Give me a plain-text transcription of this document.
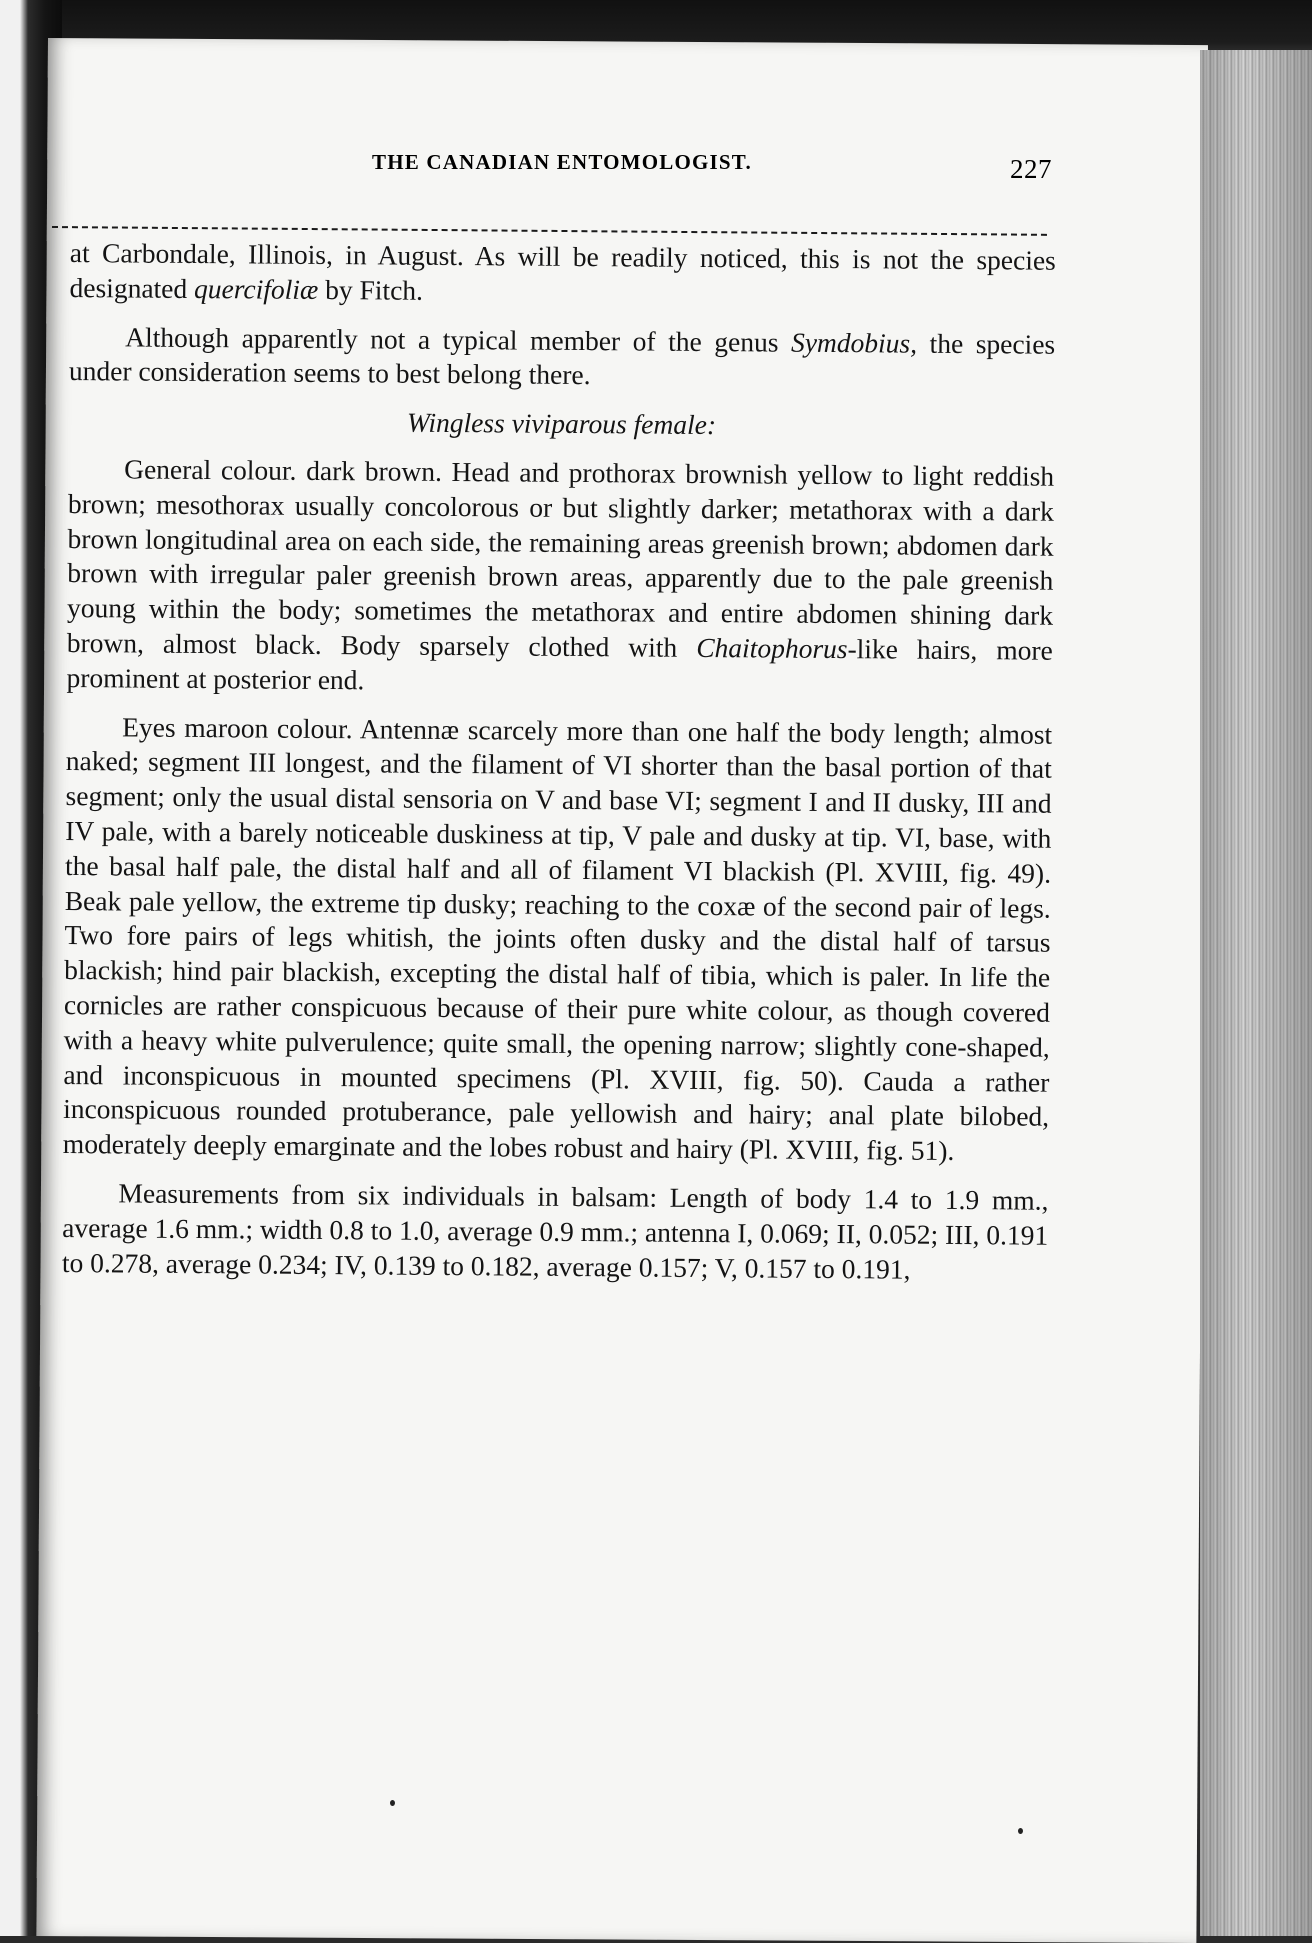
THE CANADIAN ENTOMOLOGIST.	227

at Carbondale, Illinois, in August. As will be readily noticed, this is not the species designated quercifoliæ by Fitch.

Although apparently not a typical member of the genus Symdobius, the species under consideration seems to best belong there.

Wingless viviparous female:

General colour. dark brown. Head and prothorax brownish yellow to light reddish brown; mesothorax usually concolorous or but slightly darker; metathorax with a dark brown longitudinal area on each side, the remaining areas greenish brown; abdomen dark brown with irregular paler greenish brown areas, apparently due to the pale greenish young within the body; sometimes the metathorax and entire abdomen shining dark brown, almost black. Body sparsely clothed with Chaitophorus-like hairs, more prominent at posterior end.

Eyes maroon colour. Antennæ scarcely more than one half the body length; almost naked; segment III longest, and the filament of VI shorter than the basal portion of that segment; only the usual distal sensoria on V and base VI; segment I and II dusky, III and IV pale, with a barely noticeable duskiness at tip, V pale and dusky at tip. VI, base, with the basal half pale, the distal half and all of filament VI blackish (Pl. XVIII, fig. 49). Beak pale yellow, the extreme tip dusky; reaching to the coxæ of the second pair of legs. Two fore pairs of legs whitish, the joints often dusky and the distal half of tarsus blackish; hind pair blackish, excepting the distal half of tibia, which is paler. In life the cornicles are rather conspicuous because of their pure white colour, as though covered with a heavy white pulverulence; quite small, the opening narrow; slightly cone-shaped, and inconspicuous in mounted specimens (Pl. XVIII, fig. 50). Cauda a rather inconspicuous rounded protuberance, pale yellowish and hairy; anal plate bilobed, moderately deeply emarginate and the lobes robust and hairy (Pl. XVIII, fig. 51).

Measurements from six individuals in balsam: Length of body 1.4 to 1.9 mm., average 1.6 mm.; width 0.8 to 1.0, average 0.9 mm.; antenna I, 0.069; II, 0.052; III, 0.191 to 0.278, average 0.234; IV, 0.139 to 0.182, average 0.157; V, 0.157 to 0.191,
